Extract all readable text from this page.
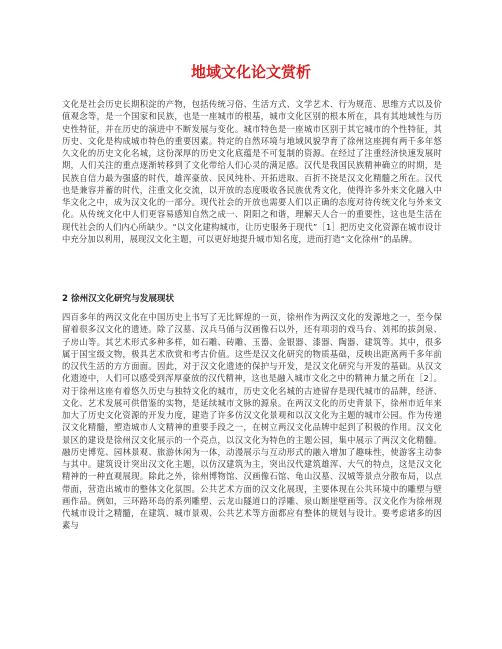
地域文化论文赏析

文化是社会历史长期积淀的产物，包括传统习俗、生活方式、文学艺术、行为规范、思维方式以及价值观念等，是一个国家和民族，也是一座城市的根基，城市文化区别的根本所在，具有其地域性与历史性特征，并在历史的演进中不断发展与变化。城市特色是一座城市区别于其它城市的个性特征，其历史、文化是构成城市特色的重要因素。特定的自然环境与地域风貌孕育了徐州这座拥有两千多年悠久文化的历史文化名城，这份深厚的历史文化底蕴是不可复制的资源。在经过了注重经济快速发展时期，人们关注的重点逐渐转移到了文化带给人们心灵的满足感。汉代是我国民族精神确立的时期，是民族自信力最为强盛的时代，雄浑豪放、民风纯朴、开拓进取、百折不挠是汉文化精髓之所在。汉代也是兼容并蓄的时代，注重文化交流，以开放的态度吸收各民族优秀文化，使得许多外来文化融入中华文化之中，成为汉文化的一部分。现代社会的开放也需要人们以正确的态度对待传统文化与外来文化。从传统文化中人们更容易感知自然之成一、阴阳之和谐，理解天人合一的重要性，这也是生活在现代社会的人们内心所缺少。“以文化建构城市，让历史服务于现代”［1］把历史文化资源在城市设计中充分加以利用，展现汉文化主题，可以更好地提升城市知名度，进而打造“文化徐州”的品牌。

2 徐州汉文化研究与发展现状

四百多年的两汉文化在中国历史上书写了无比辉煌的一页，徐州作为两汉文化的发源地之一，至今保留着很多汉文化的遗迹。除了汉墓、汉兵马俑与汉画像石以外，还有项羽的戏马台、刘邦的拔剑泉、子房山等。其艺术形式多种多样，如石雕、砖雕、玉器、金银器、漆器、陶器、建筑等。其中，很多属于国宝级文物，极具艺术欣赏和考古价值。这些是汉文化研究的物质基础，反映出距离两千多年前的汉代生活的方方面面。因此，对于汉文化遗迹的保护与开发，是汉文化研究与开发的基础。从汉文化遗迹中，人们可以感受到浑厚豪放的汉代精神，这也是融入城市文化之中的精神力量之所在［2］。对于徐州这座有着悠久历史与独特文化的城市，历史文化名城的古迹留存是现代城市的品牌，经济、文化、艺术发展可供借鉴的实物，是延续城市文脉的源泉。在两汉文化的历史背景下，徐州市近年来加大了历史文化资源的开发力度，建造了许多仿汉文化景观和以汉文化为主题的城市公园。作为传递汉文化精髓，塑造城市人文精神的重要手段之一，在树立两汉文化品牌中起到了积极的作用。汉文化景区的建设是徐州汉文化展示的一个亮点，以汉文化为特色的主题公园，集中展示了两汉文化精髓。融历史博览、园林景观、旅游休闲为一体，动漫展示与互动形式的融入增加了趣味性，使游客主动参与其中。建筑设计突出汉文化主题，以仿汉建筑为主，突出汉代建筑雄浑、大气的特点，这是汉文化精神的一种直观展现。除此之外，徐州博物馆、汉画像石馆、龟山汉墓、汉城等景点分散布局，以点带面，营造出城市的整体文化氛围。公共艺术方面的汉文化展现，主要体现在公共环境中的雕塑与壁画作品。例如，三环路环岛的系列雕塑、云龙山隧道口的浮雕、泉山断崖壁画等。汉文化作为徐州现代城市设计之精髓，在建筑、城市景观、公共艺术等方面都应有整体的规划与设计。要考虑诸多的因素与
